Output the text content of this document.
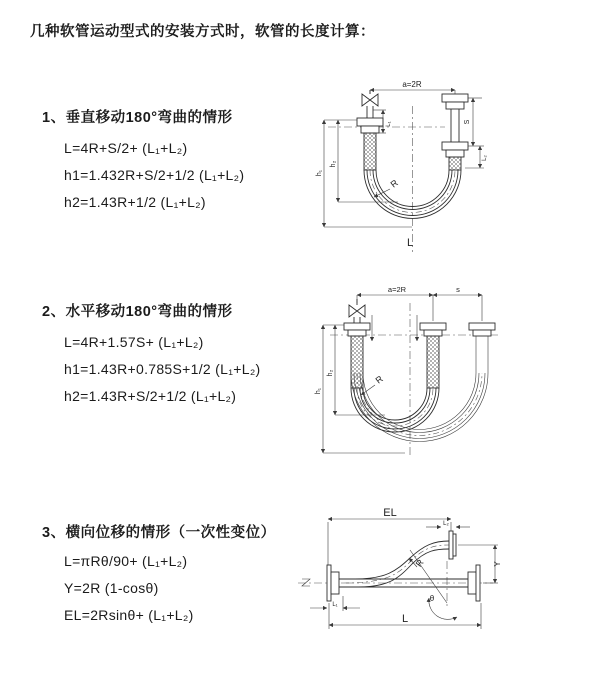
几种软管运动型式的安装方式时，软管的长度计算：
1、垂直移动180°弯曲的情形
L=4R+S/2+ (L₁+L₂)
h1=1.432R+S/2+1/2 (L₁+L₂)
h2=1.43R+1/2 (L₁+L₂)
2、水平移动180°弯曲的情形
L=4R+1.57S+ (L₁+L₂)
h1=1.43R+0.785S+1/2 (L₁+L₂)
h2=1.43R+S/2+1/2 (L₁+L₂)
3、横向位移的情形（一次性变位）
L=πRθ/90+ (L₁+L₂)
Y=2R (1-cosθ)
EL=2Rsinθ+ (L₁+L₂)
a=2R
L₁	S
L₂
h₁
h₂
R
L
a=2R	s
h₁
h₂
R
EL
L₂
Y
R
θ
L
L₁
